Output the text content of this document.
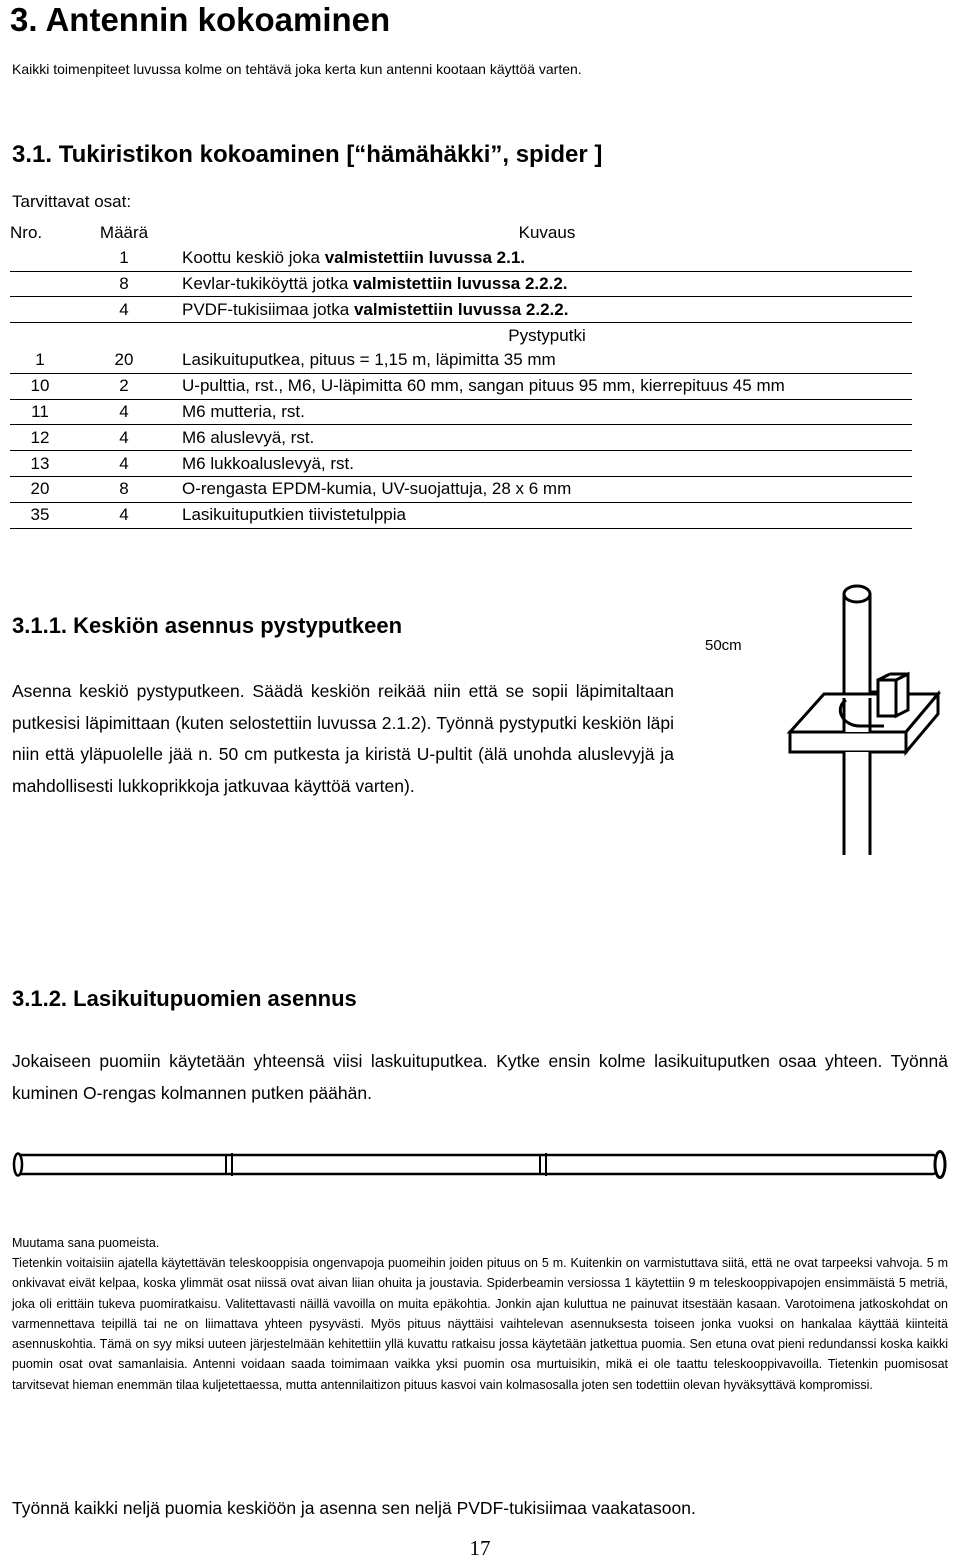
3. Antennin kokoaminen

Kaikki toimenpiteet luvussa kolme on tehtävä joka kerta kun antenni kootaan käyttöä varten.

3.1. Tukiristikon kokoaminen [“hämähäkki”, spider ]

Tarvittavat osat:

Nro.	Määrä	Kuvaus
	1	Koottu keskiö joka valmistettiin luvussa 2.1.
	8	Kevlar-tukiköyttä jotka valmistettiin luvussa 2.2.2.
	4	PVDF-tukisiimaa jotka valmistettiin luvussa 2.2.2.
		Pystyputki
1	20	Lasikuituputkea, pituus = 1,15 m, läpimitta 35 mm
10	2	U-pulttia, rst., M6, U-läpimitta 60 mm, sangan pituus 95 mm, kierrepituus 45 mm
11	4	M6 mutteria, rst.
12	4	M6 aluslevyä, rst.
13	4	M6 lukkoaluslevyä, rst.
20	8	O-rengasta EPDM-kumia, UV-suojattuja, 28 x 6 mm
35	4	Lasikuituputkien tiivistetulppia
3.1.1. Keskiön asennus pystyputkeen

Asenna keskiö pystyputkeen. Säädä keskiön reikää niin että se sopii läpimitaltaan putkesisi läpimittaan (kuten selostettiin luvussa 2.1.2). Työnnä pystyputki keskiön läpi niin että yläpuolelle jää n. 50 cm putkesta ja kiristä U-pultit (älä unohda aluslevyjä ja mahdollisesti lukkoprikkoja jatkuvaa käyttöä varten).

50cm
3.1.2. Lasikuitupuomien asennus

Jokaiseen puomiin käytetään yhteensä viisi laskuituputkea. Kytke ensin kolme lasikuituputken osaa yhteen. Työnnä kuminen O-rengas kolmannen putken päähän.

Muutama sana puomeista.

Tietenkin voitaisiin ajatella käytettävän teleskooppisia ongenvapoja puomeihin joiden pituus on 5 m. Kuitenkin on varmistuttava siitä, että ne ovat tarpeeksi vahvoja. 5 m onkivavat eivät kelpaa, koska ylimmät osat niissä ovat aivan liian ohuita ja joustavia. Spiderbeamin versiossa 1 käytettiin 9 m teleskooppivapojen ensimmäistä 5 metriä, joka oli erittäin tukeva puomiratkaisu. Valitettavasti näillä vavoilla on muita epäkohtia. Jonkin ajan kuluttua ne painuvat itsestään kasaan. Varotoimena jatkoskohdat on varmennettava teipillä tai ne on liimattava yhteen pysyvästi. Myös pituus näyttäisi vaihtelevan asennuksesta toiseen jonka vuoksi on hankalaa käyttää kiinteitä asennuskohtia. Tämä on syy miksi uuteen järjestelmään kehitettiin yllä kuvattu ratkaisu jossa käytetään jatkettua puomia. Sen etuna ovat pieni redundanssi koska kaikki puomin osat ovat samanlaisia. Antenni voidaan saada toimimaan vaikka yksi puomin osa murtuisikin, mikä ei ole taattu teleskooppivavoilla. Tietenkin puomisosat tarvitsevat hieman enemmän tilaa kuljetettaessa, mutta antennilaitizon pituus kasvoi vain kolmasosalla joten sen todettiin olevan hyväksyttävä kompromissi.

Työnnä kaikki neljä puomia keskiöön ja asenna sen neljä PVDF-tukisiimaa vaakatasoon.

17
